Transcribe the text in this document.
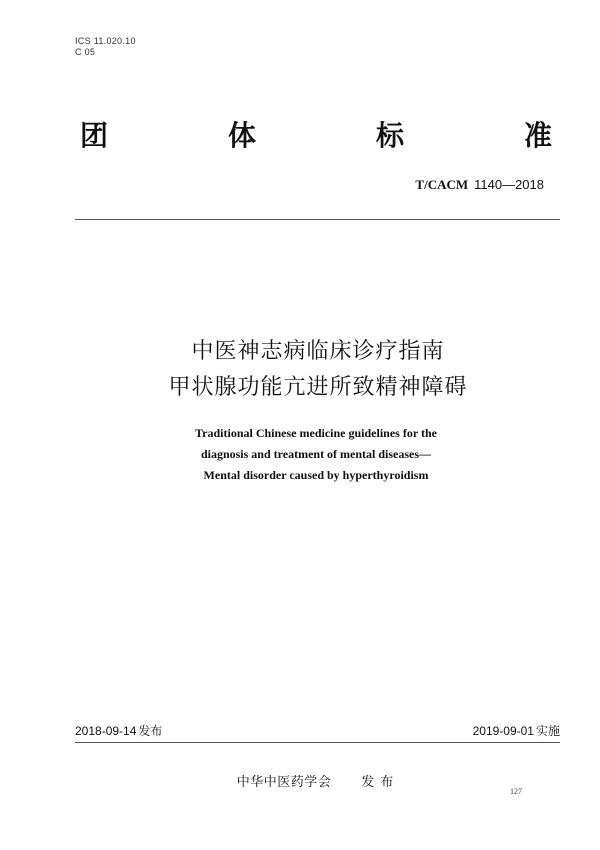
ICS 11.020.10
C 05
团	体	标	准
T/CACM 1140—2018
中医神志病临床诊疗指南
甲状腺功能亢进所致精神障碍
Traditional Chinese medicine guidelines for the
diagnosis and treatment of mental diseases—
Mental disorder caused by hyperthyroidism
2018-09-14 发布	2019-09-01 实施
中华中医药学会 发布
127
